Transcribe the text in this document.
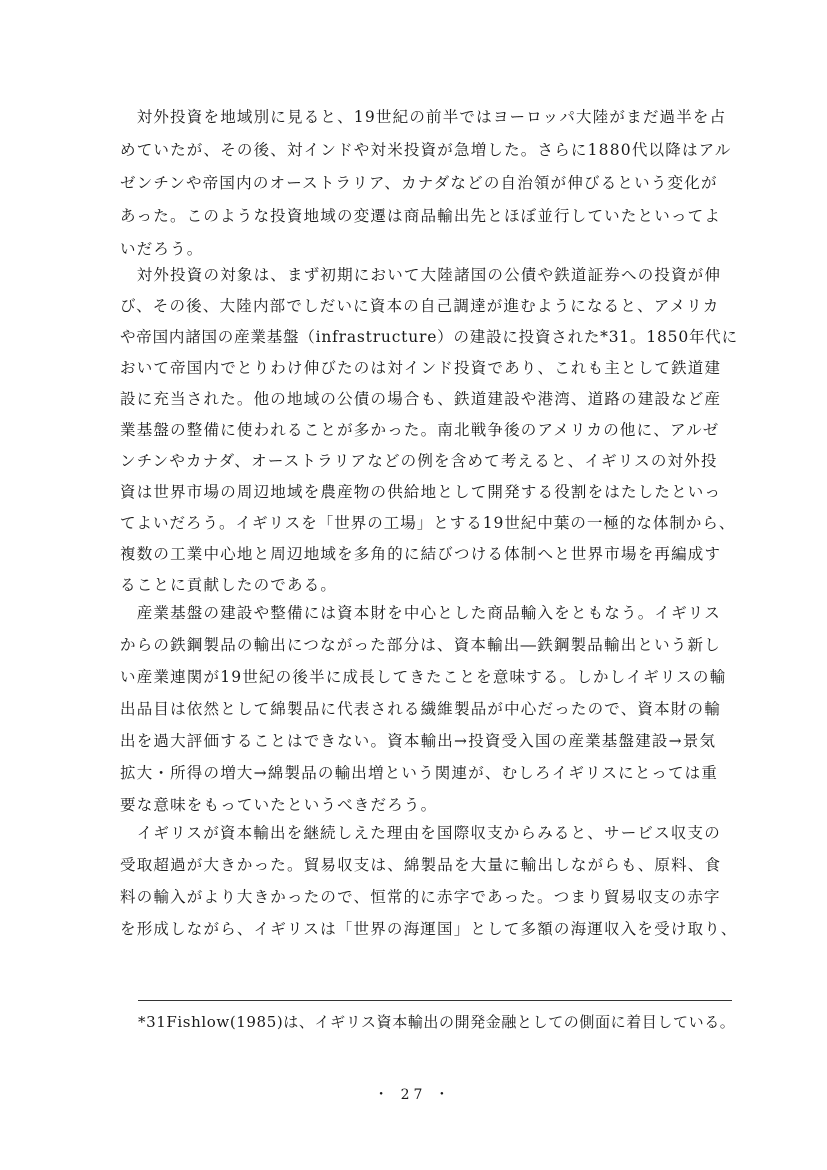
　対外投資を地域別に見ると、19世紀の前半ではヨーロッパ大陸がまだ過半を占
めていたが、その後、対インドや対米投資が急増した。さらに1880代以降はアル
ゼンチンや帝国内のオーストラリア、カナダなどの自治領が伸びるという変化が
あった。このような投資地域の変遷は商品輸出先とほぼ並行していたといってよ
いだろう。
　対外投資の対象は、まず初期において大陸諸国の公債や鉄道証券への投資が伸
び、その後、大陸内部でしだいに資本の自己調達が進むようになると、アメリカ
や帝国内諸国の産業基盤（infrastructure）の建設に投資された*31。1850年代に
おいて帝国内でとりわけ伸びたのは対インド投資であり、これも主として鉄道建
設に充当された。他の地域の公債の場合も、鉄道建設や港湾、道路の建設など産
業基盤の整備に使われることが多かった。南北戦争後のアメリカの他に、アルゼ
ンチンやカナダ、オーストラリアなどの例を含めて考えると、イギリスの対外投
資は世界市場の周辺地域を農産物の供給地として開発する役割をはたしたといっ
てよいだろう。イギリスを「世界の工場」とする19世紀中葉の一極的な体制から、
複数の工業中心地と周辺地域を多角的に結びつける体制へと世界市場を再編成す
ることに貢献したのである。
　産業基盤の建設や整備には資本財を中心とした商品輸入をともなう。イギリス
からの鉄鋼製品の輸出につながった部分は、資本輸出―鉄鋼製品輸出という新し
い産業連関が19世紀の後半に成長してきたことを意味する。しかしイギリスの輸
出品目は依然として綿製品に代表される繊維製品が中心だったので、資本財の輸
出を過大評価することはできない。資本輸出→投資受入国の産業基盤建設→景気
拡大・所得の増大→綿製品の輸出増という関連が、むしろイギリスにとっては重
要な意味をもっていたというべきだろう。
　イギリスが資本輸出を継続しえた理由を国際収支からみると、サービス収支の
受取超過が大きかった。貿易収支は、綿製品を大量に輸出しながらも、原料、食
料の輸入がより大きかったので、恒常的に赤字であった。つまり貿易収支の赤字
を形成しながら、イギリスは「世界の海運国」として多額の海運収入を受け取り、
*31Fishlow(1985)は、イギリス資本輸出の開発金融としての側面に着目している。
・ 27 ・
